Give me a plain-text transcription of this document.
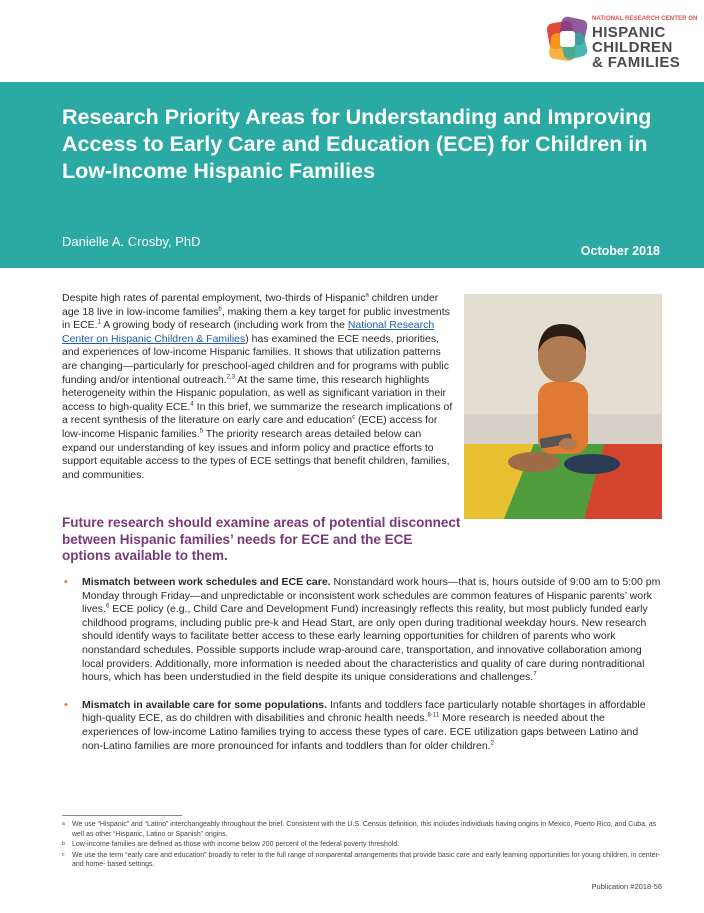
NATIONAL RESEARCH CENTER ON
HISPANIC
CHILDREN
& FAMILIES
Research Priority Areas for Understanding and Improving Access to Early Care and Education (ECE) for Children in Low-Income Hispanic Families
Danielle A. Crosby, PhD
October 2018

Despite high rates of parental employment, two-thirds of Hispanic$^a$ children under age 18 live in low-income families$^b$, making them a key target for public investments in ECE.$^1$ A growing body of research (including work from the National Research Center on Hispanic Children & Families) has examined the ECE needs, priorities, and experiences of low-income Hispanic families. It shows that utilization patterns are changing—particularly for preschool-aged children and for programs with public funding and/or intentional outreach.$^{2,3}$ At the same time, this research highlights heterogeneity within the Hispanic population, as well as significant variation in their access to high-quality ECE.$^4$ In this brief, we summarize the research implications of a recent synthesis of the literature on early care and education$^c$ (ECE) access for low-income Hispanic families.$^5$ The priority research areas detailed below can expand our understanding of key issues and inform policy and practice efforts to support equitable access to the types of ECE settings that benefit children, families, and communities.

Future research should examine areas of potential disconnect between Hispanic families’ needs for ECE and the ECE options available to them.
• Mismatch between work schedules and ECE care. Nonstandard work hours—that is, hours outside of 9:00 am to 5:00 pm Monday through Friday—and unpredictable or inconsistent work schedules are common features of Hispanic parents’ work lives.$^6$ ECE policy (e.g., Child Care and Development Fund) increasingly reflects this reality, but most publicly funded early childhood programs, including public pre-k and Head Start, are only open during traditional weekday hours. New research should identify ways to facilitate better access to these early learning opportunities for children of parents who work nonstandard schedules. Possible supports include wrap-around care, transportation, and innovative collaboration among local providers. Additionally, more information is needed about the characteristics and quality of care during nontraditional hours, which has been understudied in the field despite its unique considerations and challenges.$^7$
• Mismatch in available care for some populations. Infants and toddlers face particularly notable shortages in affordable high-quality ECE, as do children with disabilities and chronic health needs.$^{8-11}$ More research is needed about the experiences of low-income Latino families trying to access these types of care. ECE utilization gaps between Latino and non-Latino families are more pronounced for infants and toddlers than for older children.$^2$
a We use “Hispanic” and “Latino” interchangeably throughout the brief. Consistent with the U.S. Census definition, this includes individuals having origins in Mexico, Puerto Rico, and Cuba, as well as other “Hispanic, Latino or Spanish” origins.
b Low-income families are defined as those with income below 200 percent of the federal poverty threshold.
c We use the term “early care and education” broadly to refer to the full range of nonparental arrangements that provide basic care and early learning opportunities for young children, in center- and home- based settings.
Publication #2018-56
